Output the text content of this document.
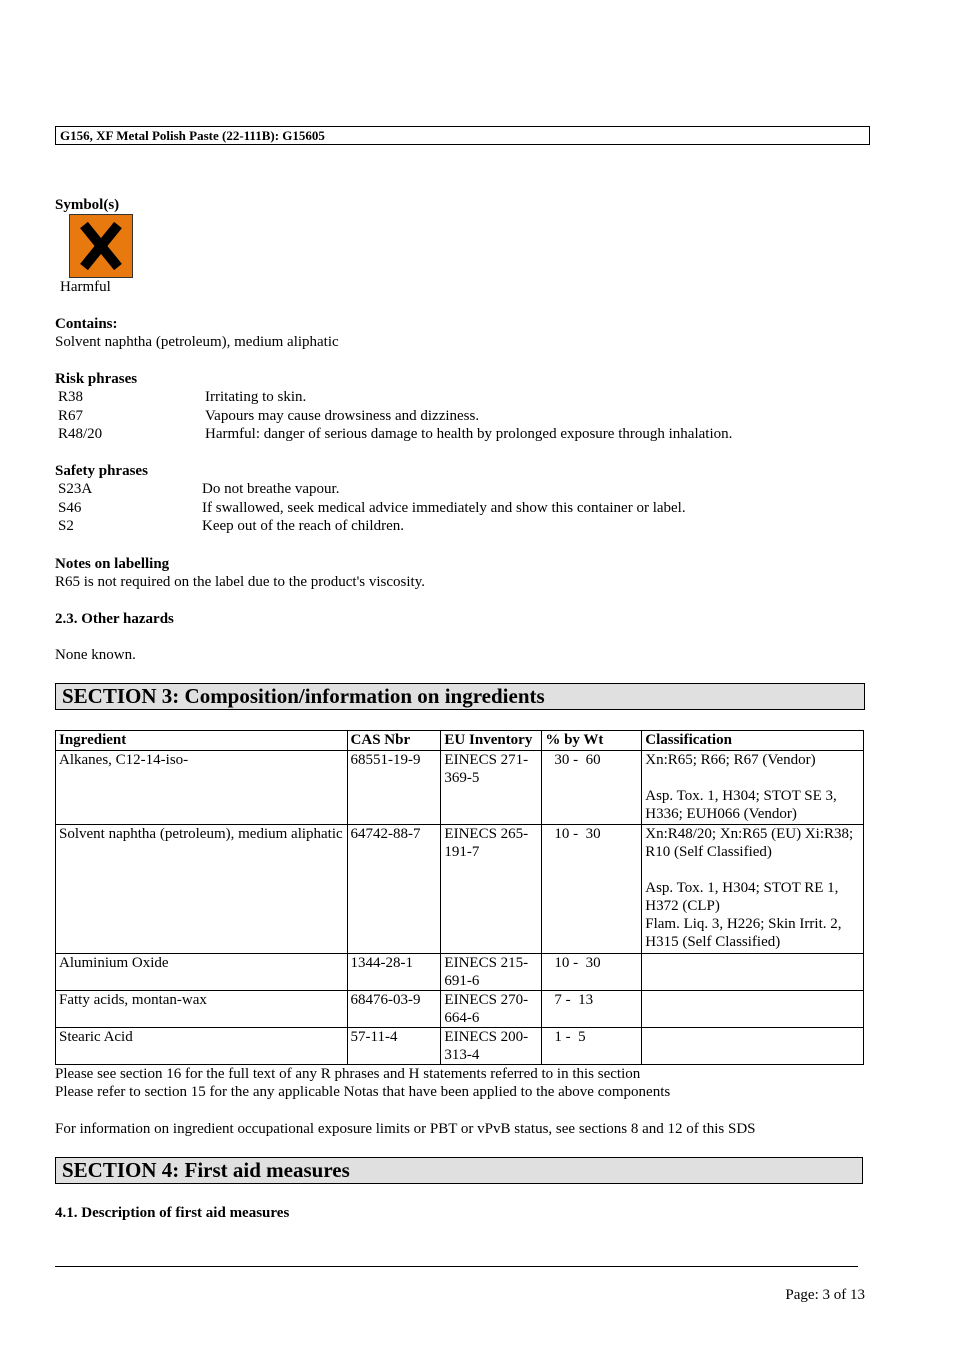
G156, XF Metal Polish Paste (22-111B): G15605
Symbol(s)
Harmful
Contains:
Solvent naphtha (petroleum), medium aliphatic
Risk phrases
R38	Irritating to skin.
R67	Vapours may cause drowsiness and dizziness.
R48/20	Harmful: danger of serious damage to health by prolonged exposure through inhalation.
Safety phrases
S23A	Do not breathe vapour.
S46	If swallowed, seek medical advice immediately and show this container or label.
S2	Keep out of the reach of children.
Notes on labelling
R65 is not required on the label due to the product's viscosity.
2.3. Other hazards
None known.
SECTION 3: Composition/information on ingredients
Ingredient	CAS Nbr	EU Inventory	% by Wt	Classification
Alkanes, C12-14-iso-	68551-19-9	EINECS 271-369-5	30 -  60	Xn:R65; R66; R67 (Vendor)
Asp. Tox. 1, H304; STOT SE 3, H336; EUH066 (Vendor)

Solvent naphtha (petroleum), medium aliphatic	64742-88-7	EINECS 265-191-7	10 -  30	Xn:R48/20; Xn:R65 (EU) Xi:R38; R10 (Self Classified)
Asp. Tox. 1, H304; STOT RE 1, H372 (CLP)
Flam. Liq. 3, H226; Skin Irrit. 2, H315 (Self Classified)

Aluminium Oxide	1344-28-1	EINECS 215-691-6	10 -  30	
Fatty acids, montan-wax	68476-03-9	EINECS 270-664-6	7 -  13	
Stearic Acid	57-11-4	EINECS 200-313-4	1 -  5	
Please see section 16 for the full text of any R phrases and H statements referred to in this section
Please refer to section 15 for the any applicable Notas that have been applied to the above components
For information on ingredient occupational exposure limits or PBT or vPvB status, see sections 8 and 12 of this SDS
SECTION 4: First aid measures
4.1. Description of first aid measures
Page: 3 of 13
